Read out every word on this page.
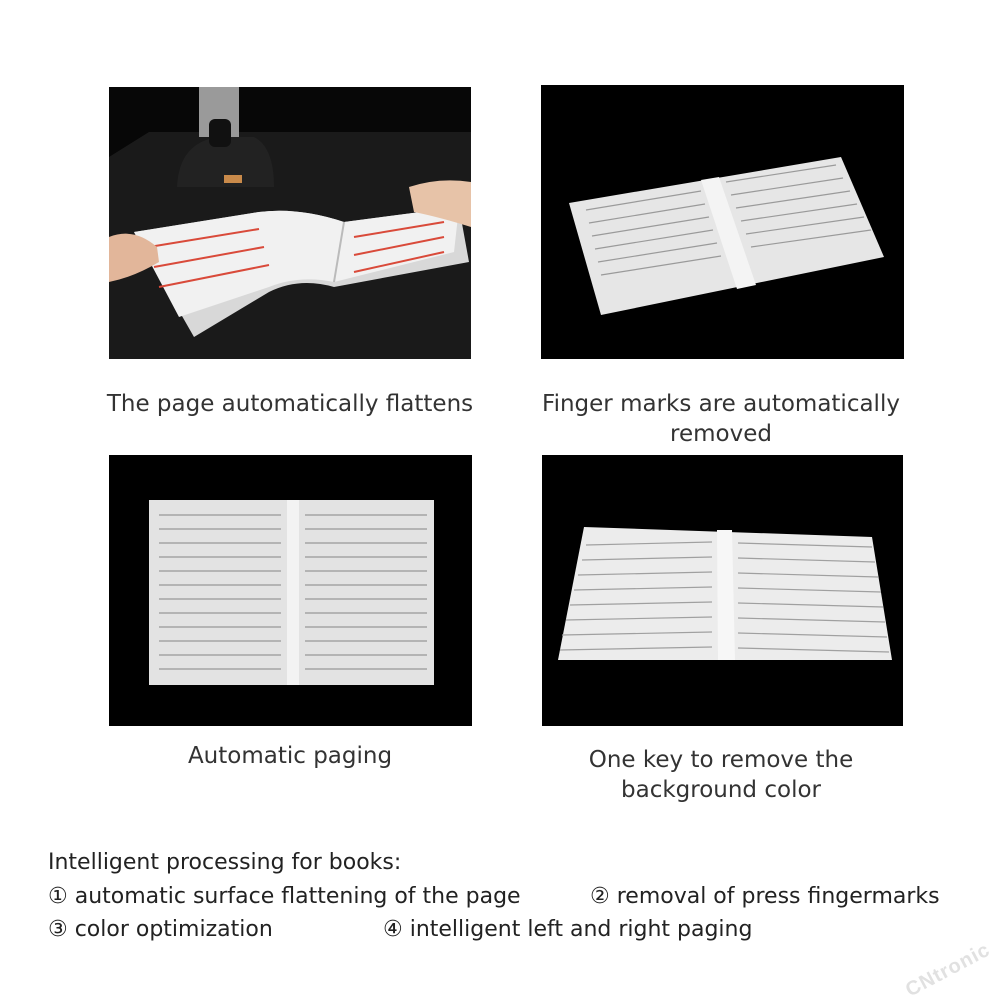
The page automatically flattens	Finger marks are automatically removed
Automatic paging	One key to remove the background color
Intelligent processing for books:
① automatic surface flattening of the page	② removal of press fingermarks
③ color optimization	④ intelligent left and right paging
CNtronic
